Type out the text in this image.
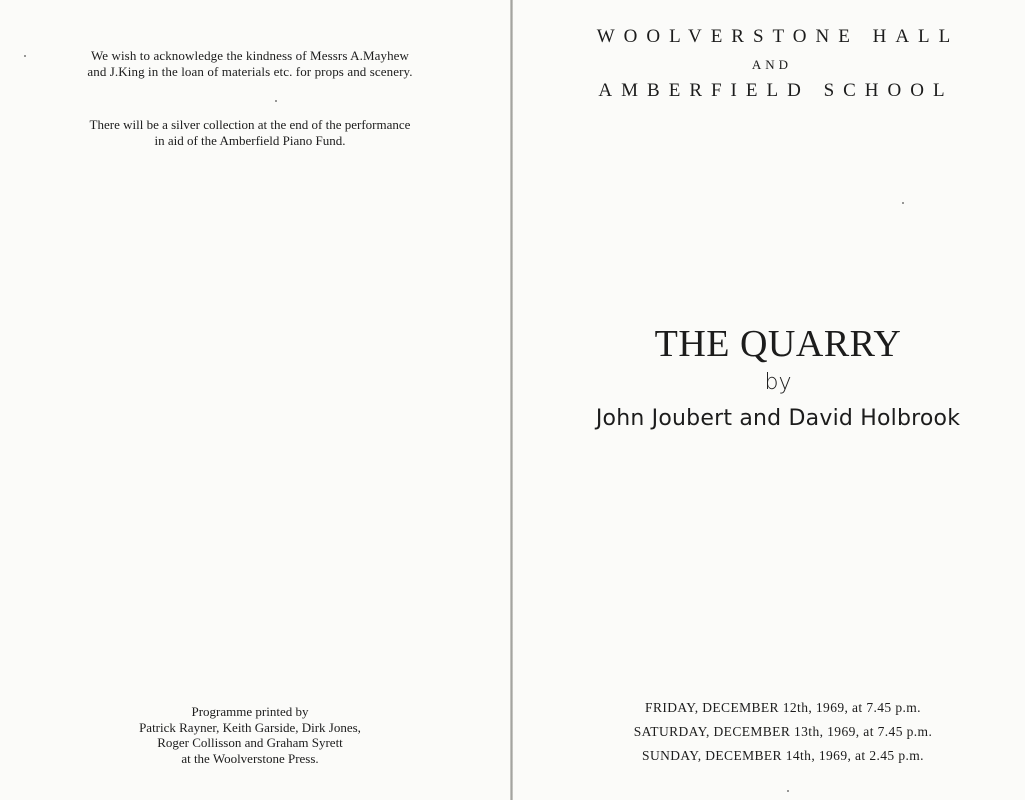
We wish to acknowledge the kindness of Messrs A.Mayhew
and J.King in the loan of materials etc. for props and scenery.
There will be a silver collection at the end of the performance
in aid of the Amberfield Piano Fund.
Programme printed by
Patrick Rayner, Keith Garside, Dirk Jones,
Roger Collisson and Graham Syrett
at the Woolverstone Press.
WOOLVERSTONE HALL
AND
AMBERFIELD SCHOOL
THE QUARRY
by
John Joubert and David Holbrook
FRIDAY, DECEMBER 12th, 1969, at 7.45 p.m.
SATURDAY, DECEMBER 13th, 1969, at 7.45 p.m.
SUNDAY, DECEMBER 14th, 1969, at 2.45 p.m.
